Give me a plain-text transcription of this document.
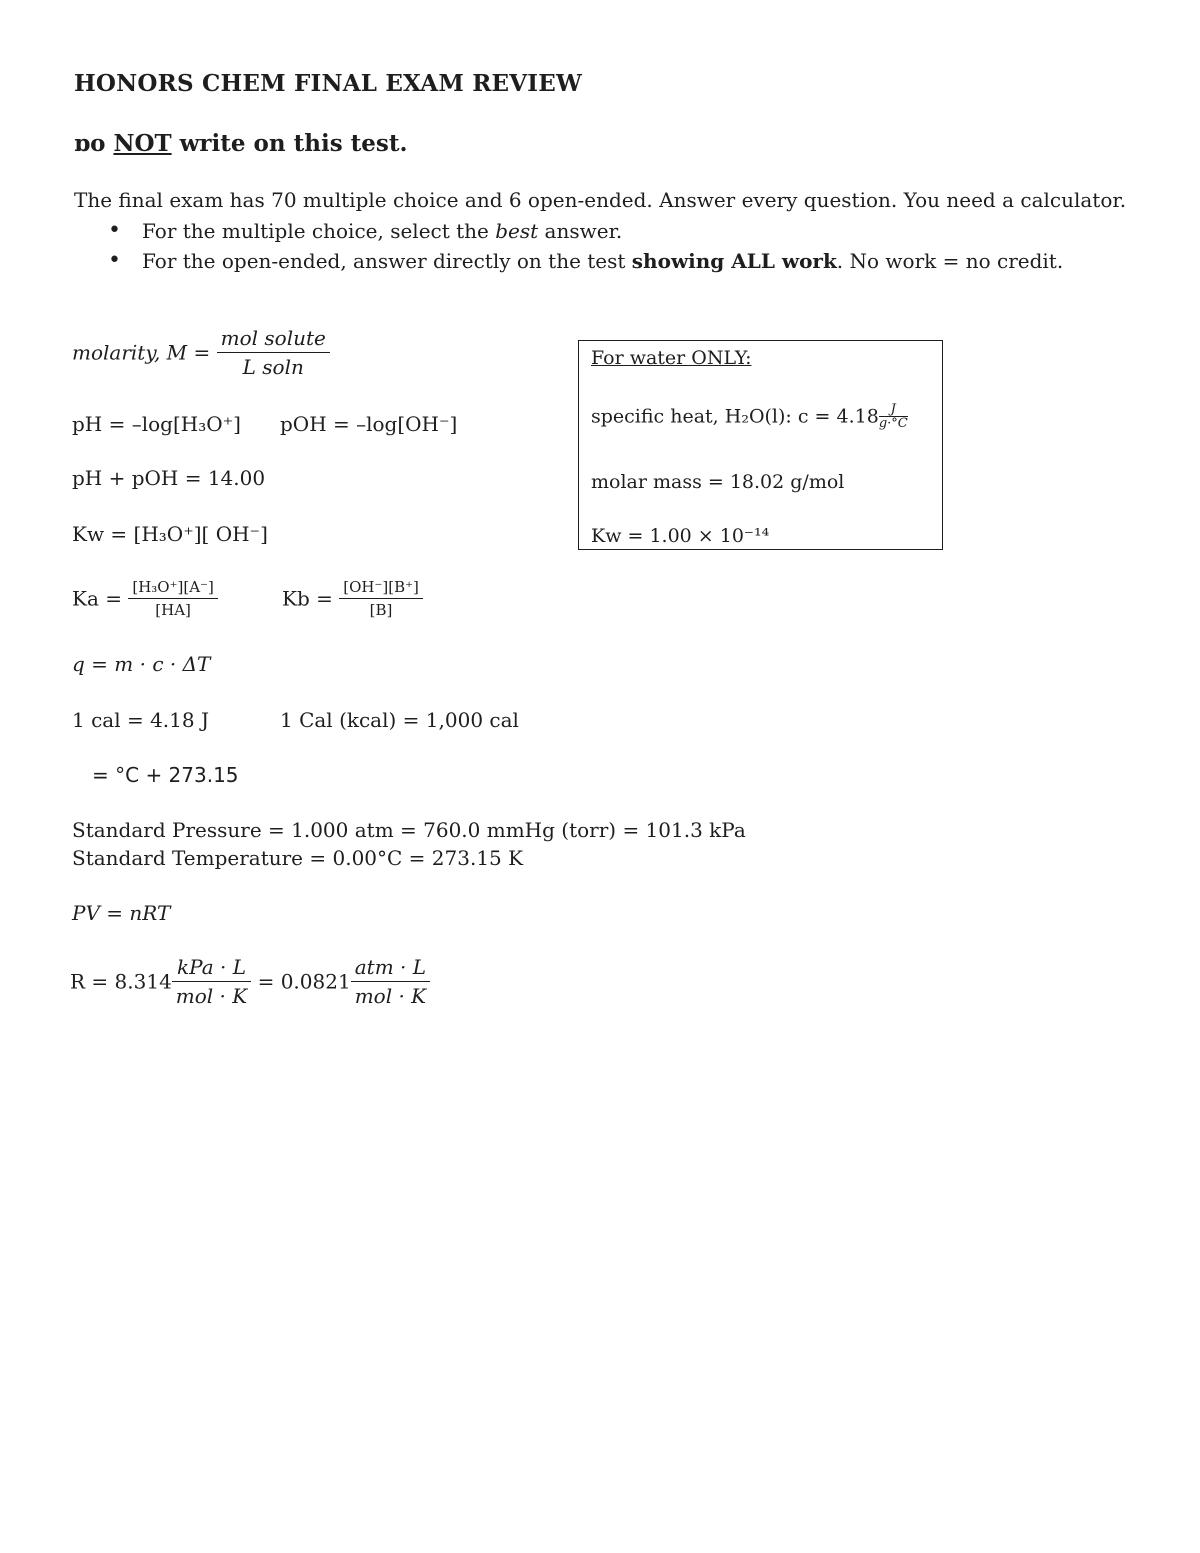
HONORS CHEM FINAL EXAM REVIEW
ɒo NOT write on this test.
The final exam has 70 multiple choice and 6 open-ended. Answer every question. You need a calculator.
• For the multiple choice, select the best answer.
• For the open-ended, answer directly on the test showing ALL work. No work = no credit.
molarity, $M = \frac{\text{mol solute}}{\text{L soln}}$
pH = –log[H₃O⁺] pOH = –log[OH⁻]
pH + pOH = 14.00
Kw = [H₃O⁺][ OH⁻]
$Ka = \frac{\text{[H₃O⁺][A⁻]}}{[HA]}$	$Kb = \frac{[OH^-][B^+]}{[B]}$
q = m · c · ΔT
1 cal = 4.18 J	1 Cal (kcal) = 1,000 cal
= °C + 273.15
Standard Pressure = 1.000 atm = 760.0 mmHg (torr) = 101.3 kPa
Standard Temperature = 0.00°C = 273.15 K
PV = nRT
$R = 8.314 \frac{\text{kPa · L}}{\text{mol · K}} = 0.0821 \frac{\text{atm · L}}{\text{mol · K}}$
For water ONLY:
specific heat, H₂O(l): $c = 4.18 \frac{J}{g\cdot^\circ C}$
molar mass = 18.02 g/mol
Kw = 1.00 × 10⁻¹⁴
